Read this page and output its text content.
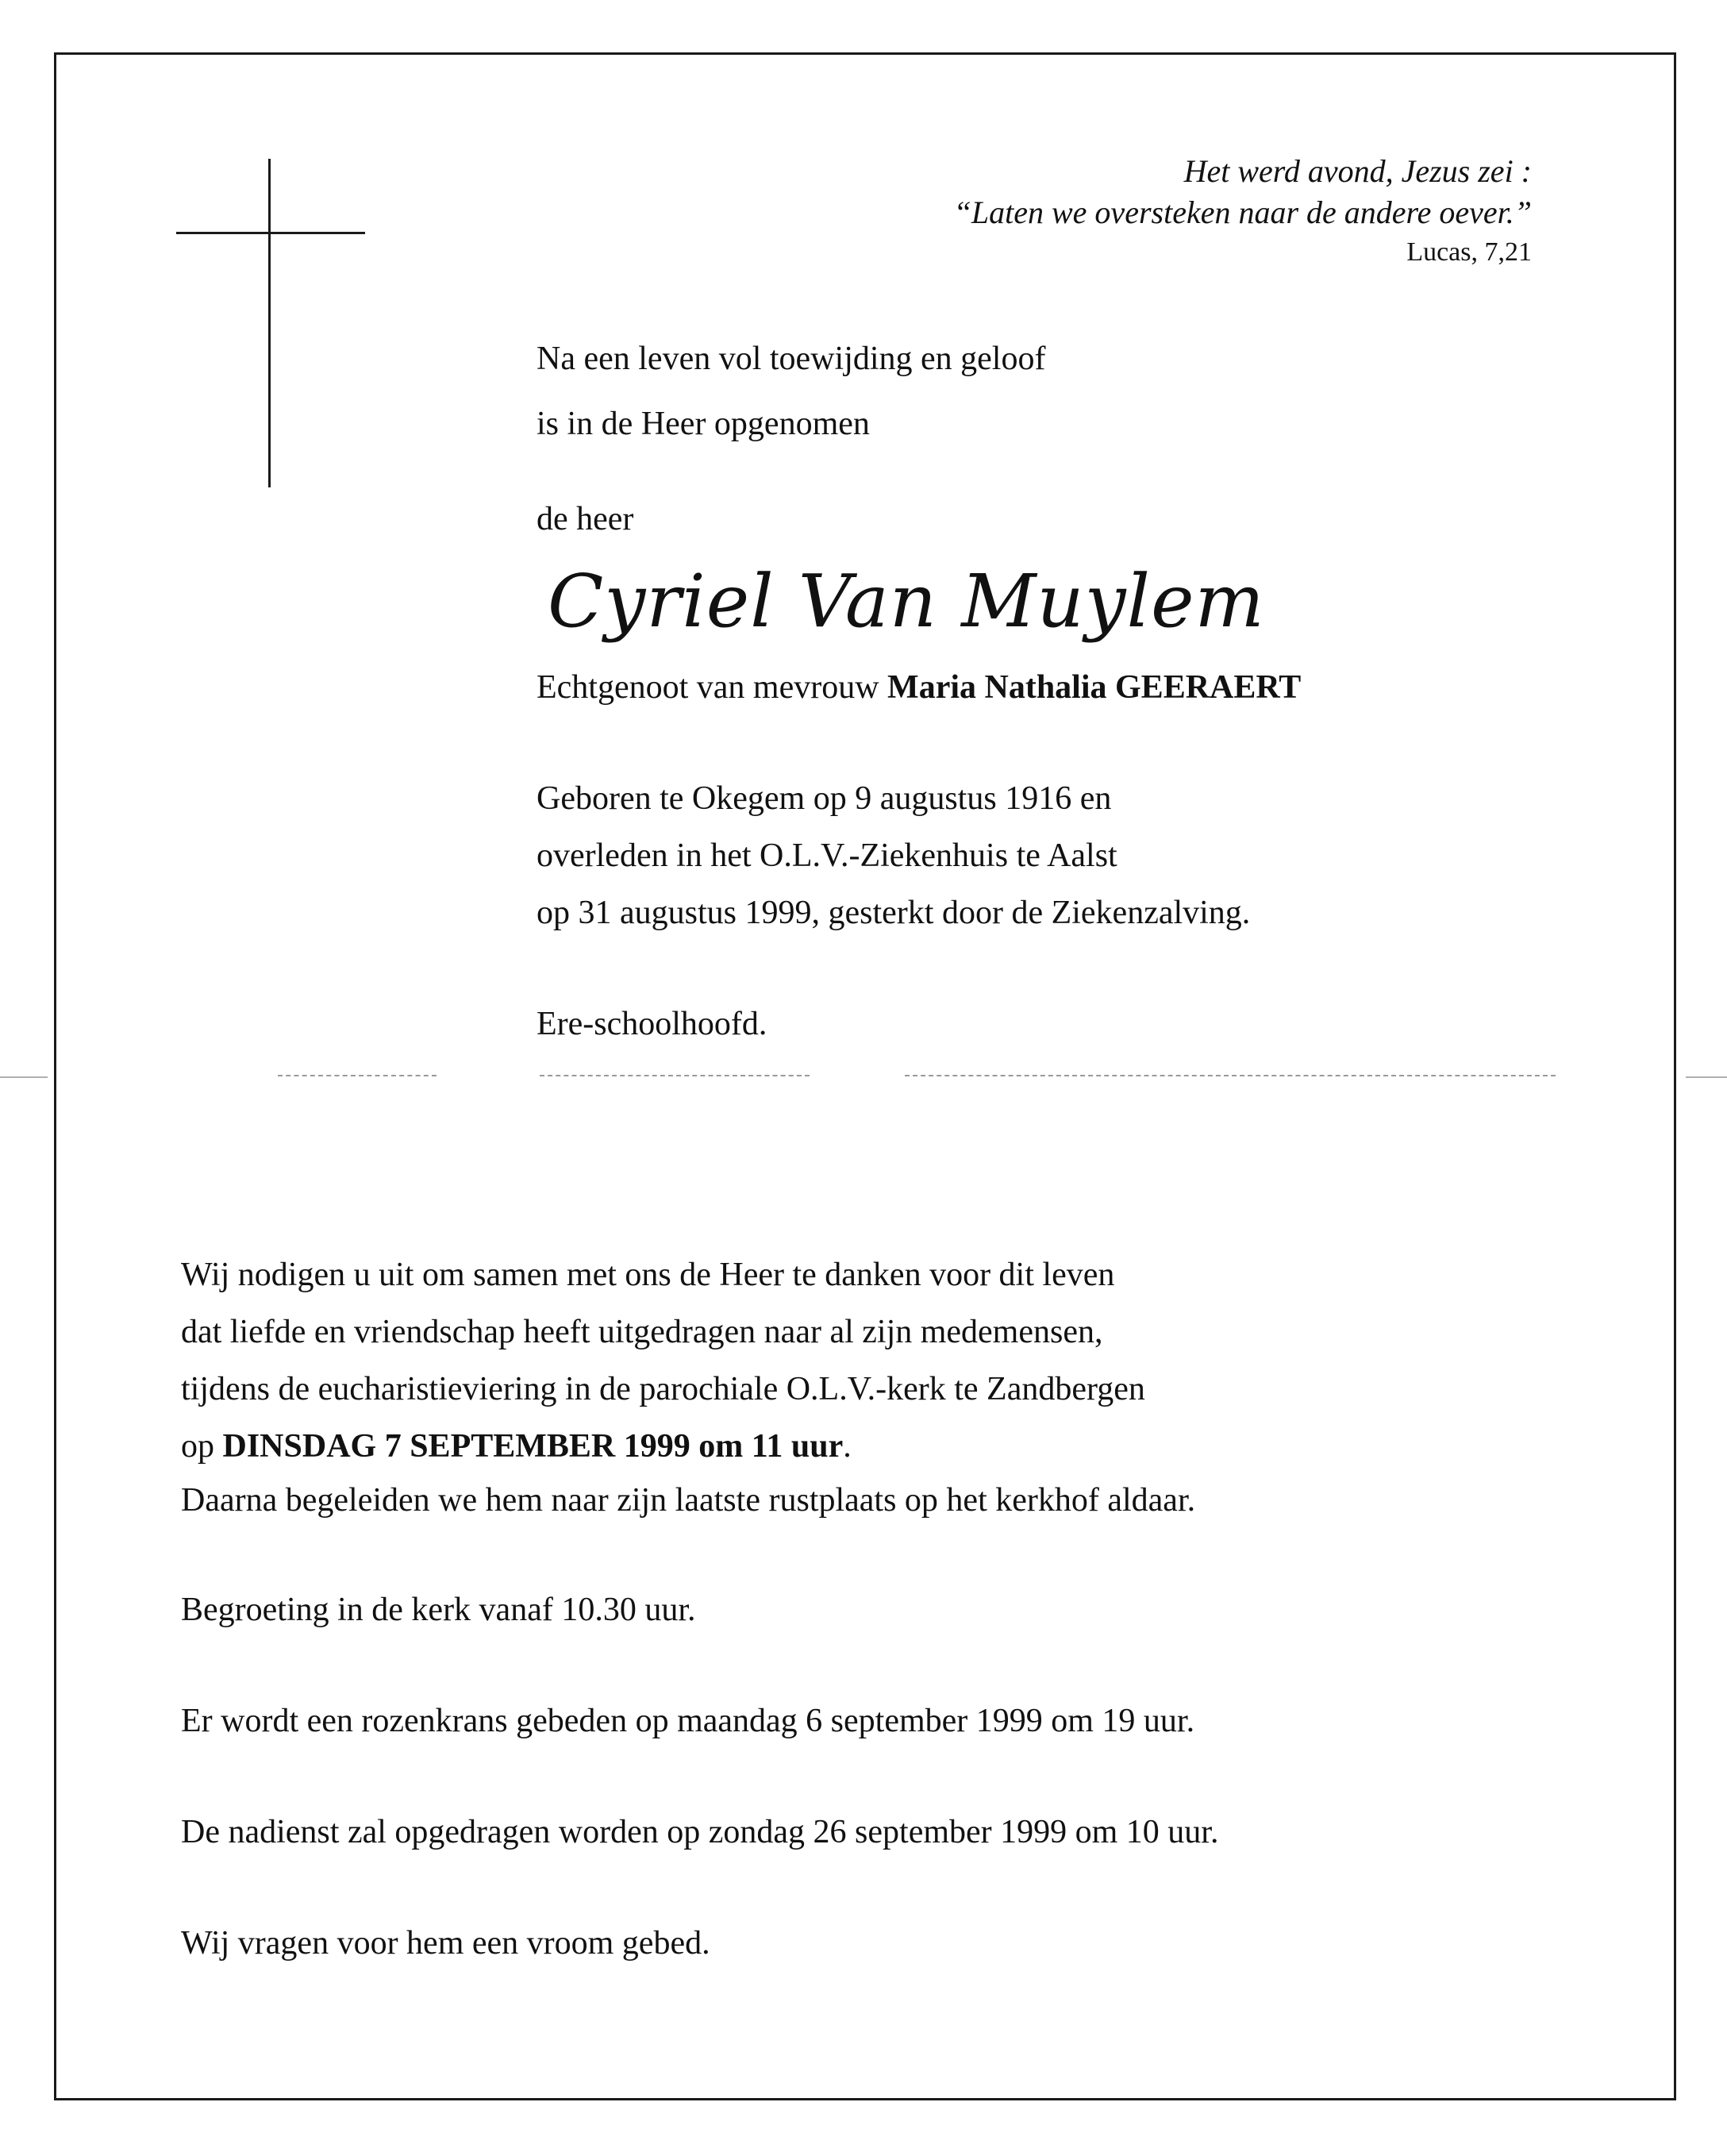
Het werd avond, Jezus zei :
“Laten we oversteken naar de andere oever.”
Lucas, 7,21
Na een leven vol toewijding en geloof
is in de Heer opgenomen
de heer
Cyriel Van Muylem
Echtgenoot van mevrouw Maria Nathalia GEERAERT
Geboren te Okegem op 9 augustus 1916 en
overleden in het O.L.V.-Ziekenhuis te Aalst
op 31 augustus 1999, gesterkt door de Ziekenzalving.
Ere-schoolhoofd.
Wij nodigen u uit om samen met ons de Heer te danken voor dit leven
dat liefde en vriendschap heeft uitgedragen naar al zijn medemensen,
tijdens de eucharistieviering in de parochiale O.L.V.-kerk te Zandbergen
op DINSDAG 7 SEPTEMBER 1999 om 11 uur.
Daarna begeleiden we hem naar zijn laatste rustplaats op het kerkhof aldaar.
Begroeting in de kerk vanaf 10.30 uur.
Er wordt een rozenkrans gebeden op maandag 6 september 1999 om 19 uur.
De nadienst zal opgedragen worden op zondag 26 september 1999 om 10 uur.
Wij vragen voor hem een vroom gebed.
